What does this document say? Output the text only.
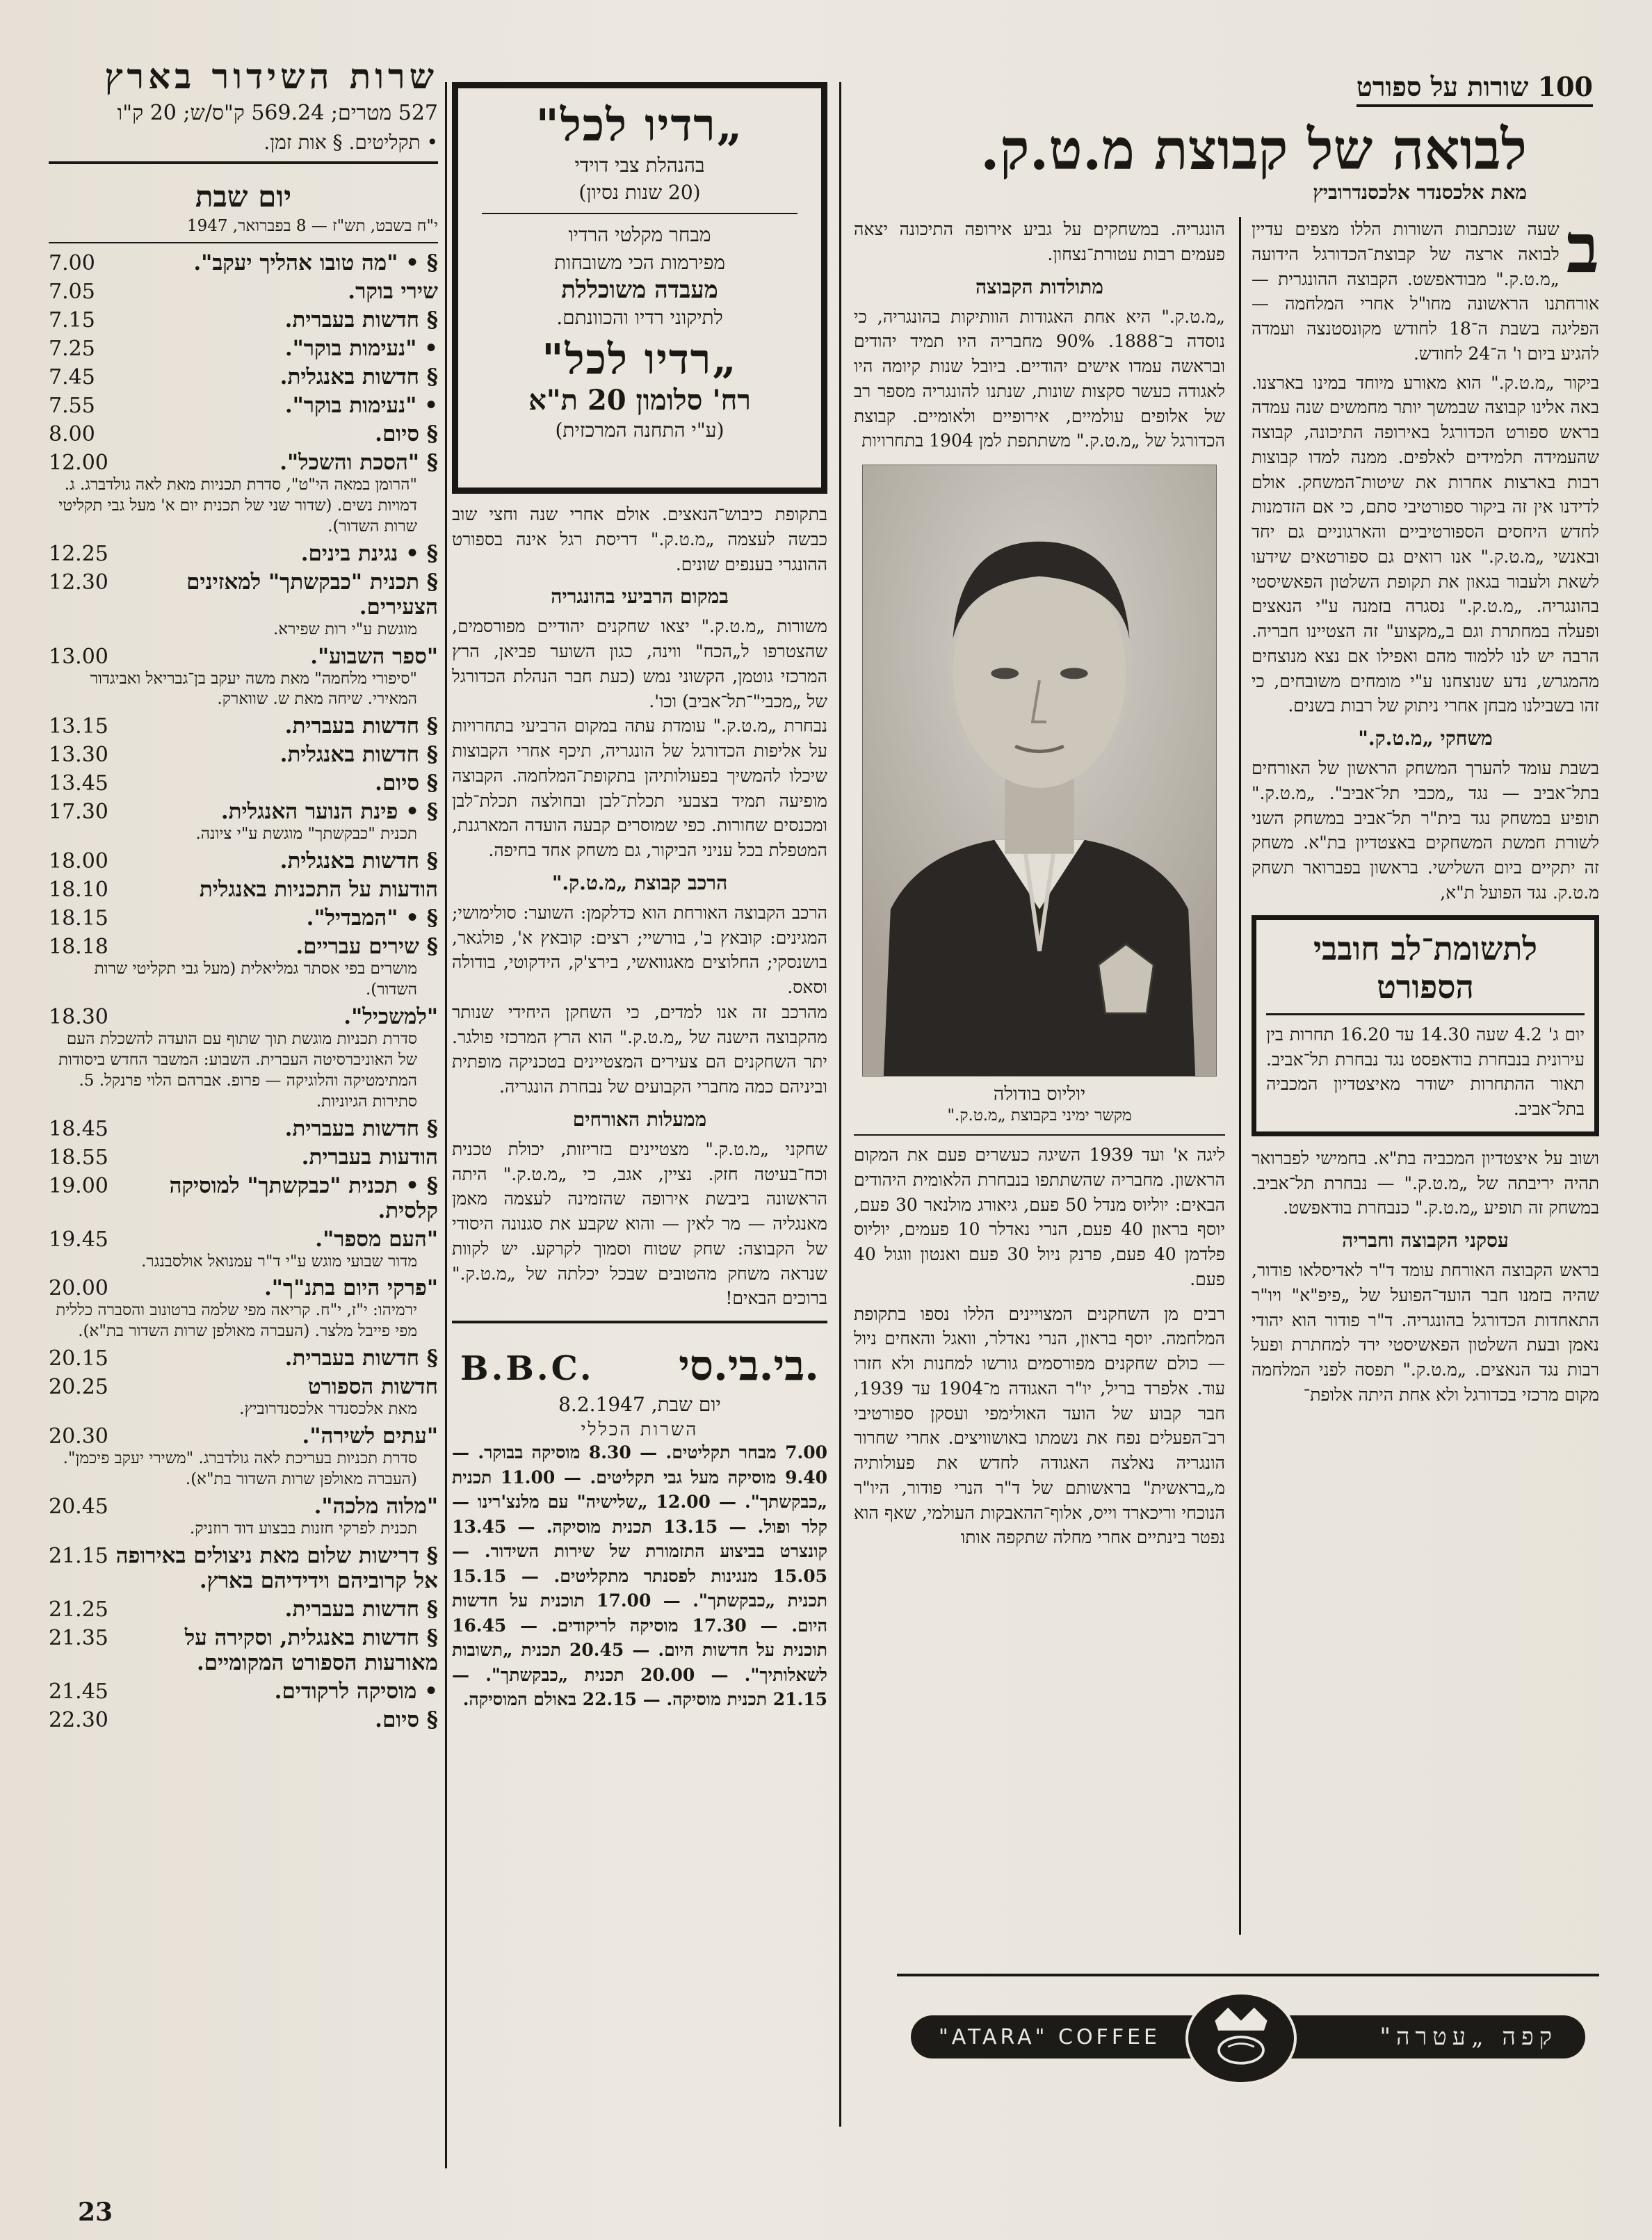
100 שורות על ספורט
לבואה של קבוצת מ.ט.ק.
מאת אלכסנדר אלכסנדרוביץ
שרות השידור בארץ
527 מטרים; 569.24 ק"ס/ש; 20 ק"ו
• תקליטים. § אות זמן.
יום שבת
י"ח בשבט, תש"ז — 8 בפברואר, 1947
§ • "מה טובו אהליך יעקב".
7.00
שירי בוקר.
7.05
§ חדשות בעברית.
7.15
• "נעימות בוקר".
7.25
§ חדשות באנגלית.
7.45
• "נעימות בוקר".
7.55
§ סיום.
8.00
§ "הסכת והשכל".
12.00
"הרומן במאה הי"ט", סדרת תכניות מאת לאה גולדברג. ג. דמויות נשים. (שדור שני של תכנית יום א' מעל גבי תקליטי שרות השדור).
§ • נגינת בינים.
12.25
§ תכנית "כבקשתך" למאזינים הצעירים.
12.30
מוגשת ע"י רות שפירא.
"ספר השבוע".
13.00
"סיפורי מלחמה" מאת משה יעקב בן־גבריאל ואביגדור המאירי. שיחה מאת ש. שווארק.
§ חדשות בעברית.
13.15
§ חדשות באנגלית.
13.30
§ סיום.
13.45
§ • פינת הנוער האנגלית.
17.30
תכנית "כבקשתך" מוגשת ע"י ציונה.
§ חדשות באנגלית.
18.00
הודעות על התכניות באנגלית
18.10
§ • "המבדיל".
18.15
§ שירים עבריים.
18.18
מושרים בפי אסתר גמליאלית (מעל גבי תקליטי שרות השדור).
"למשכיל".
18.30
סדרת תכניות מוגשת תוך שתוף עם הועדה להשכלת העם של האוניברסיטה העברית. השבוע: המשבר החדש ביסודות המתימטיקה והלוגיקה — פרופ. אברהם הלוי פרנקל. 5. סתירות הגיוניות.
§ חדשות בעברית.
18.45
הודעות בעברית.
18.55
§ • תכנית "כבקשתך" למוסיקה קלסית.
19.00
"העם מספר".
19.45
מדור שבועי מוגש ע"י ד"ר עמנואל אולסבנגר.
"פרקי היום בתנ"ך".
20.00
ירמיהו: י"ז, י"ח. קריאה מפי שלמה ברטונוב והסברה כללית מפי פייבל מלצר. (העברה מאולפן שרות השדור בת"א).
§ חדשות בעברית.
20.15
חדשות הספורט
20.25
מאת אלכסנדר אלכסנדרוביץ.
"עתים לשירה".
20.30
סדרת תכניות בעריכת לאה גולדברג. "משירי יעקב פיכמן". (העברה מאולפן שרות השדור בת"א).
"מלוה מלכה".
20.45
תכנית לפרקי חזנות בבצוע דוד רוזניק.
§ דרישות שלום מאת ניצולים באירופה אל קרוביהם וידידיהם בארץ.
21.15
§ חדשות בעברית.
21.25
§ חדשות באנגלית, וסקירה על מאורעות הספורט המקומיים.
21.35
• מוסיקה לרקודים.
21.45
§ סיום.
22.30
„רדיו לכל"
בהנהלת צבי דוידי
(20 שנות נסיון)
מבחר מקלטי הרדיו
מפירמות הכי משובחות
מעבדה משוכללת
לתיקוני רדיו והכוונתם.
„רדיו לכל"
רח' סלומון 20 ת"א
(ע"י התחנה המרכזית)

בתקופת כיבוש־הנאצים. אולם אחרי שנה וחצי שוב כבשה לעצמה „מ.ט.ק." דריסת רגל אינה בספורט ההונגרי בענפים שונים.

במקום הרביעי בהונגריה

משורות „מ.ט.ק." יצאו שחקנים יהודיים מפורסמים, שהצטרפו ל„הכח" ווינה, כגון השוער פביאן, הרץ המרכזי גוטמן, הקשוני נמש (כעת חבר הנהלת הכדורגל של „מכבי"־תל־אביב) וכו'.

נבחרת „מ.ט.ק." עומדת עתה במקום הרביעי בתחרויות על אליפות הכדורגל של הונגריה, תיכף אחרי הקבוצות שיכלו להמשיך בפעולותיהן בתקופת־המלחמה. הקבוצה מופיעה תמיד בצבעי תכלת־לבן ובחולצה תכלת־לבן ומכנסים שחורות. כפי שמוסרים קבעה הועדה המארגנת, המטפלת בכל עניני הביקור, גם משחק אחד בחיפה.

הרכב קבוצת „מ.ט.ק."

הרכב הקבוצה האורחת הוא כדלקמן: השוער: סולימושי; המגינים: קובאץ ב', בורשיי; רצים: קובאץ א', פולגאר, בושנסקי; החלוצים מאגוואשי, בירצ'ק, הידקוטי, בודולה וסאס.

מהרכב זה אנו למדים, כי השחקן היחידי שנותר מהקבוצה הישנה של „מ.ט.ק." הוא הרץ המרכזי פולגר. יתר השחקנים הם צעירים המצטיינים בטכניקה מופתית וביניהם כמה מחברי הקבועים של נבחרת הונגריה.

ממעלות האורחים

שחקני „מ.ט.ק." מצטיינים בזריזות, יכולת טכנית וכח־בעיטה חזק. נציין, אגב, כי „מ.ט.ק." היתה הראשונה ביבשת אירופה שהזמינה לעצמה מאמן מאנגליה — מר לאין — והוא שקבע את סגנונה היסודי של הקבוצה: שחק שטוח וסמוך לקרקע. יש לקוות שנראה משחק מהטובים שבכל יכלתה של „מ.ט.ק." ברוכים הבאים!

B.B.C. בי.בי.סי.
יום שבת, 8.2.1947
השרות הכללי

7.00 מבחר תקליטים. — 8.30 מוסיקה בבוקר. — 9.40 מוסיקה מעל גבי תקליטים. — 11.00 תכנית „כבקשתך". — 12.00 „שלישיה" עם מלנצ'רינו — קלר ופול. — 13.15 תכנית מוסיקה. — 13.45 קונצרט בביצוע התזמורת של שירות השידור. — 15.05 מנגינות לפסנתר מתקליטים. — 15.15 תכנית „כבקשתך". — 17.00 תוכנית על חדשות היום. — 17.30 מוסיקה לריקודים. — 16.45 תוכנית על חדשות היום. — 20.45 תכנית „תשובות לשאלותיך". — 20.00 תכנית „כבקשתך". — 21.15 תכנית מוסיקה. — 22.15 באולם המוסיקה.

הונגריה. במשחקים על גביע אירופה התיכונה יצאה פעמים רבות עטורת־נצחון.

מתולדות הקבוצה

„מ.ט.ק." היא אחת האגודות הוותיקות בהונגריה, כי נוסדה ב־1888. 90% מחבריה היו תמיד יהודים ובראשה עמדו אישים יהודיים. ביובל שנות קיומה היו לאגודה כעשר סקצות שונות, שנתנו להונגריה מספר רב של אלופים עולמיים, אירופיים ולאומיים. קבוצת הכדורגל של „מ.ט.ק." משתתפת למן 1904 בתחרויות

יוליוס בודולה
מקשר ימיני בקבוצת „מ.ט.ק."

ליגה א' ועד 1939 השיגה כעשרים פעם את המקום הראשון. מחבריה שהשתתפו בנבחרת הלאומית היהודים הבאים: יוליוס מנדל 50 פעם, גיאורג מולנאר 30 פעם, יוסף בראון 40 פעם, הנרי נאדלר 10 פעמים, יוליוס פלדמן 40 פעם, פרנק ניול 30 פעם ואנטון ווגול 40 פעם.

רבים מן השחקנים המצויינים הללו נספו בתקופת המלחמה. יוסף בראון, הנרי נאדלר, וואגל והאחים ניול — כולם שחקנים מפורסמים גורשו למחנות ולא חזרו עוד. אלפרד בריל, יו"ר האגודה מ־1904 עד 1939, חבר קבוע של הועד האולימפי ועסקן ספורטיבי רב־הפעלים נפח את נשמתו באושוויצים. אחרי שחרור הונגריה נאלצה האגודה לחדש את פעולותיה מ„בראשית" בראשותם של ד"ר הנרי פודור, היו"ר הנוכחי וריכארד וייס, אלוף־ההאבקות העולמי, שאף הוא נפטר בינתיים אחרי מחלה שתקפה אותו

ב
שעה שנכתבות השורות הללו מצפים עדיין לבואה ארצה של קבוצת־הכדורגל הידועה „מ.ט.ק." מבודאפשט. הקבוצה ההונגרית — אורחתנו הראשונה מחו"ל אחרי המלחמה — הפליגה בשבת ה־18 לחודש מקונסטנצה ועמדה להגיע ביום ו' ה־24 לחודש.

ביקור „מ.ט.ק." הוא מאורע מיוחד במינו בארצנו. באה אלינו קבוצה שבמשך יותר מחמשים שנה עמדה בראש ספורט הכדורגל באירופה התיכונה, קבוצה שהעמידה תלמידים לאלפים. ממנה למדו קבוצות רבות בארצות אחרות את שיטות־המשחק. אולם לדידנו אין זה ביקור ספורטיבי סתם, כי אם הזדמנות לחדש היחסים הספורטיביים והארגוניים גם יחד ובאנשי „מ.ט.ק." אנו רואים גם ספורטאים שידעו לשאת ולעבור בגאון את תקופת השלטון הפאשיסטי בהונגריה. „מ.ט.ק." נסגרה בזמנה ע"י הנאצים ופעלה במחתרת וגם ב„מקצוע" זה הצטיינו חבריה. הרבה יש לנו ללמוד מהם ואפילו אם נצא מנוצחים מהמגרש, נדע שנוצחנו ע"י מומחים משובחים, כי זהו בשבילנו מבחן אחרי ניתוק של רבות בשנים.

משחקי „מ.ט.ק."

בשבת עומד להערך המשחק הראשון של האורחים בתל־אביב — נגד „מכבי תל־אביב". „מ.ט.ק." תופיע במשחק נגד בית"ר תל־אביב במשחק השני לשורת חמשת המשחקים באצטדיון בת"א. משחק זה יתקיים ביום השלישי. בראשון בפברואר תשחק מ.ט.ק. נגד הפועל ת"א,

לתשומת־לב חובבי הספורט

יום ג' 4.2 שעה 14.30 עד 16.20 תחרות בין עירונית בנבחרת בודאפסט נגד נבחרת תל־אביב. תאור ההתחרות ישודר מאיצטדיון המכביה בתל־אביב.

ושוב על איצטדיון המכביה בת"א. בחמישי לפברואר תהיה יריבתה של „מ.ט.ק." — נבחרת תל־אביב. במשחק זה תופיע „מ.ט.ק." כנבחרת בודאפשט.

עסקני הקבוצה וחבריה

בראש הקבוצה האורחת עומד ד"ר לאדיסלאו פודור, שהיה בזמנו חבר הועד־הפועל של „פיפ"א" ויו"ר התאחדות הכדורגל בהונגריה. ד"ר פודור הוא יהודי נאמן ובעת השלטון הפאשיסטי ירד למחתרת ופעל רבות נגד הנאצים. „מ.ט.ק." תפסה לפני המלחמה מקום מרכזי בכדורגל ולא אחת היתה אלופת־

"ATARA" COFFEE	קפה „עטרה"
23
